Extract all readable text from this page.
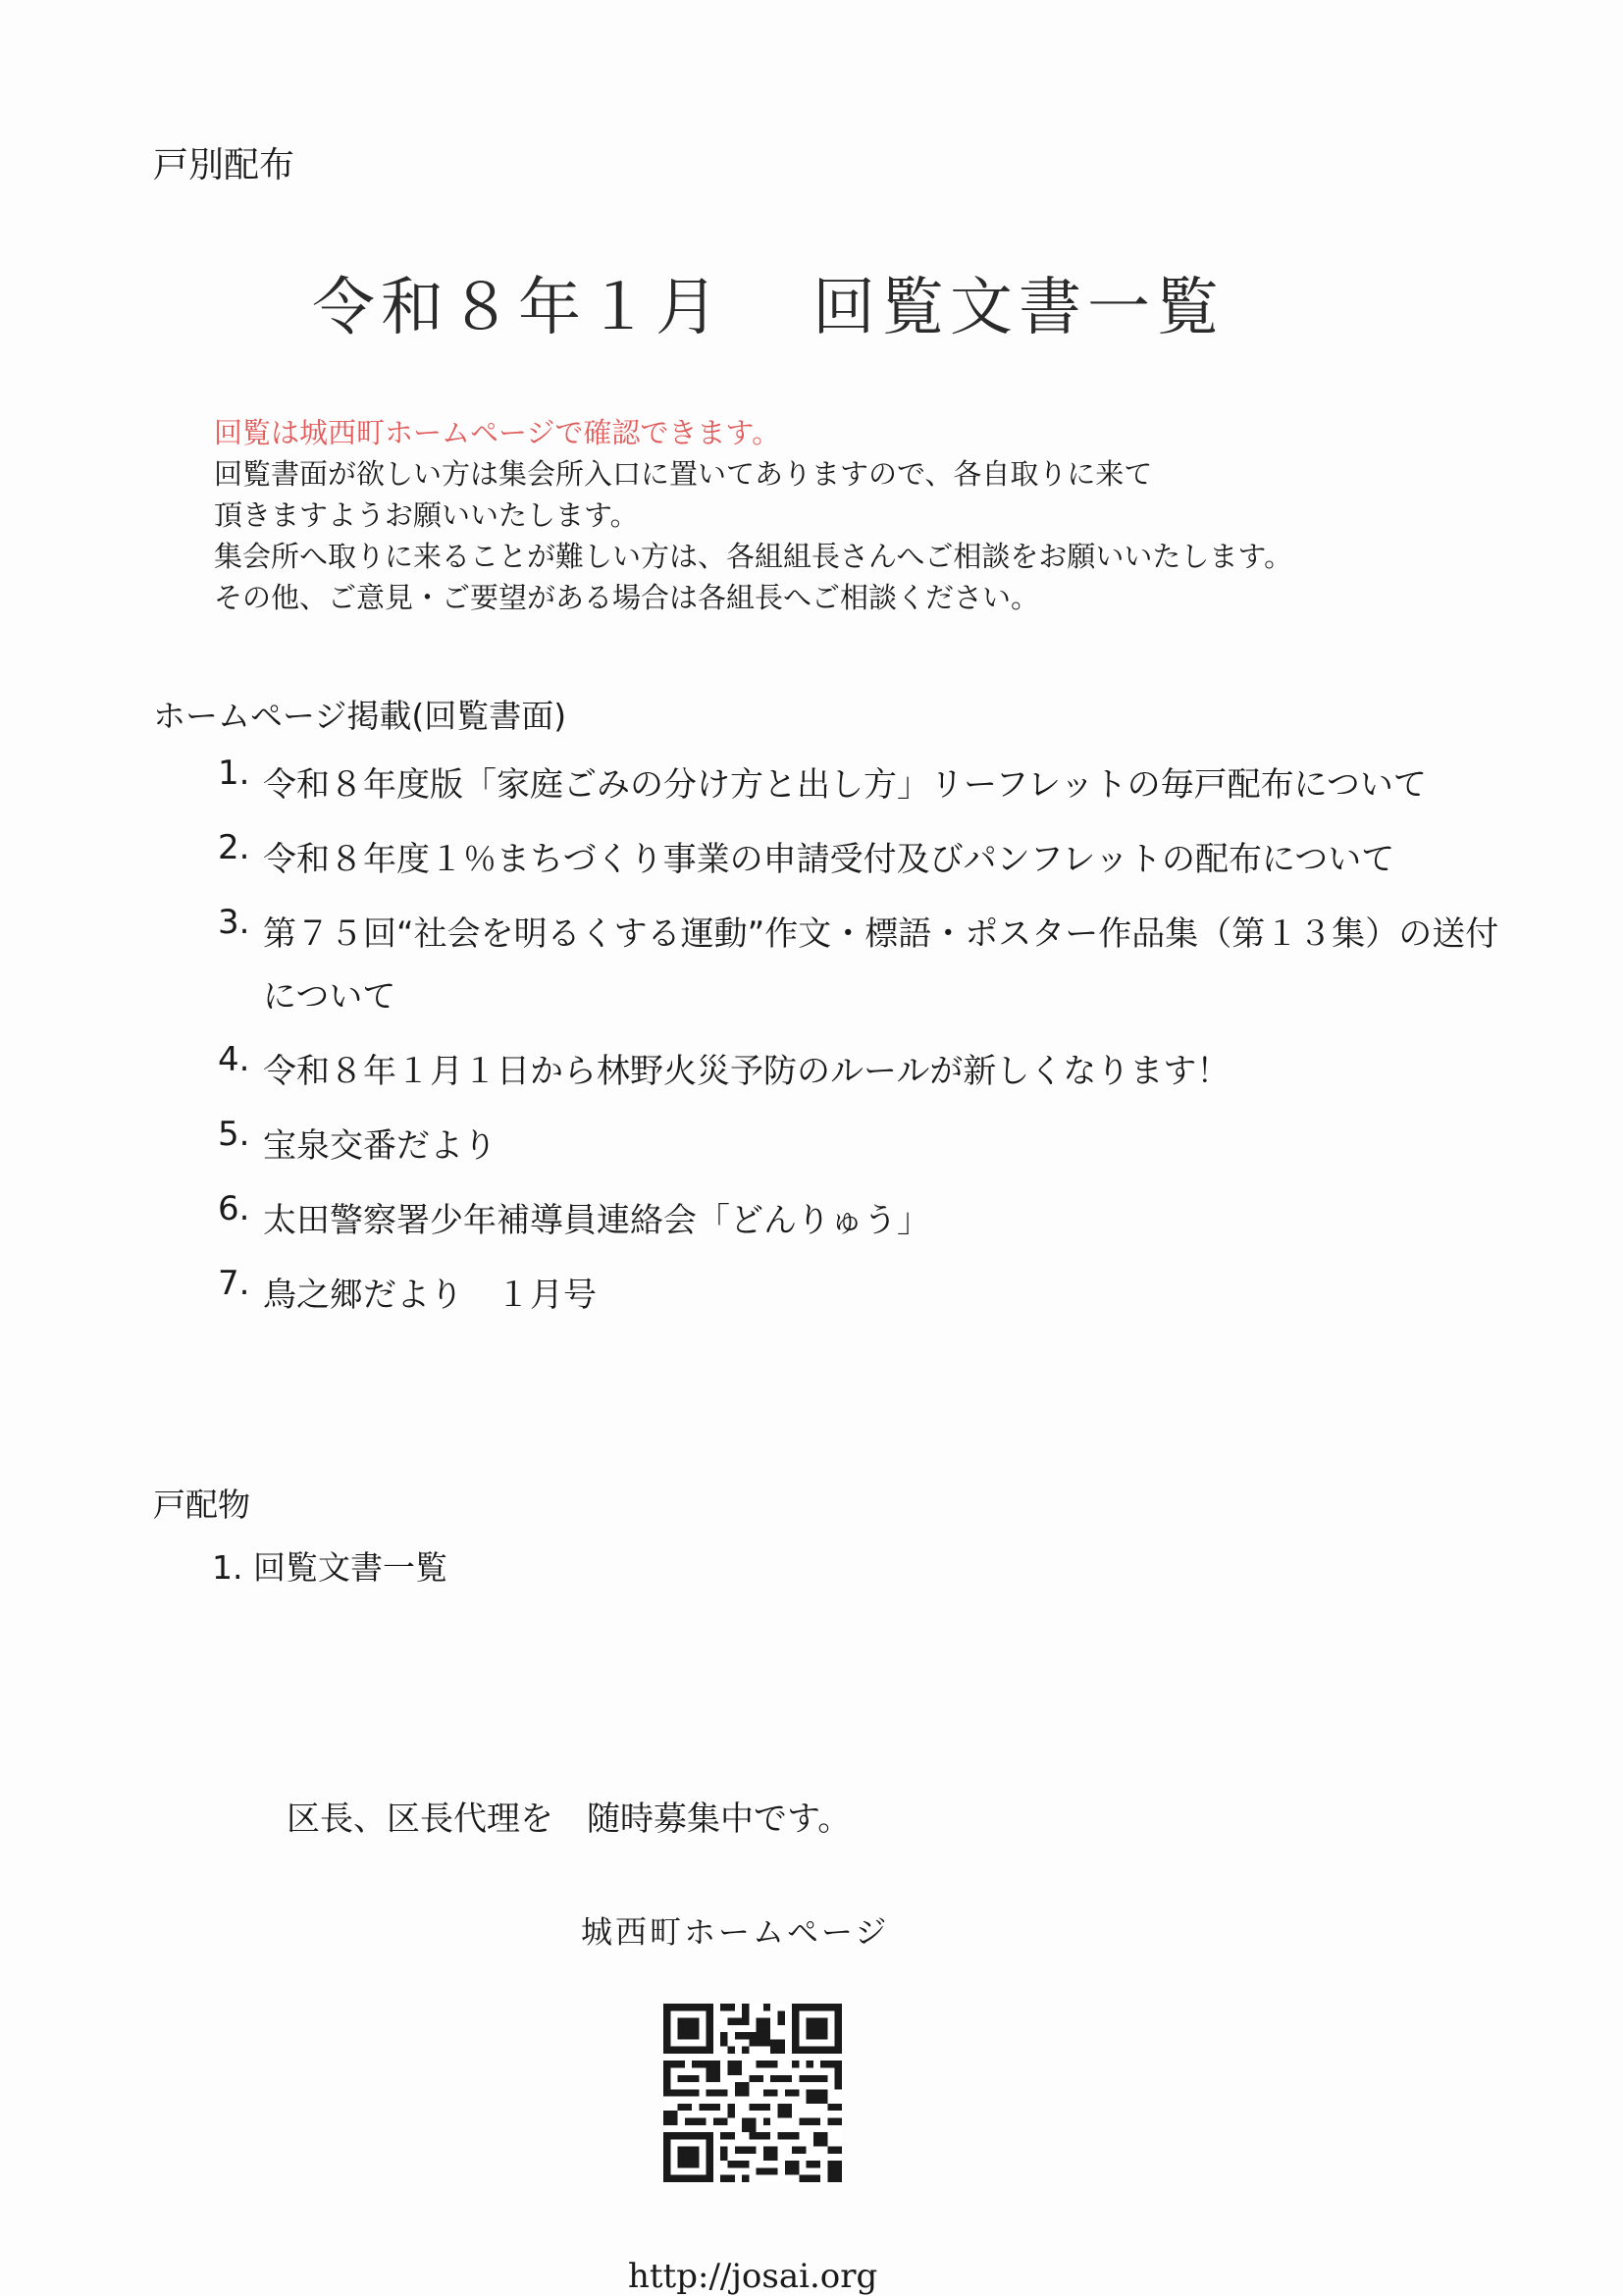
戸別配布
令和８年１月 回覧文書一覧
回覧は城西町ホームページで確認できます。
回覧書面が欲しい方は集会所入口に置いてありますので、各自取りに来て
頂きますようお願いいたします。
集会所へ取りに来ることが難しい方は、各組組長さんへご相談をお願いいたします。
その他、ご意見・ご要望がある場合は各組長へご相談ください。
ホームページ掲載(回覧書面)
1. 令和８年度版「家庭ごみの分け方と出し方」リーフレットの毎戸配布について
2. 令和８年度１％まちづくり事業の申請受付及びパンフレットの配布について
3. 第７５回“社会を明るくする運動”作文・標語・ポスター作品集（第１３集）の送付について
4. 令和８年１月１日から林野火災予防のルールが新しくなります！
5. 宝泉交番だより
6. 太田警察署少年補導員連絡会「どんりゅう」
7. 鳥之郷だより　１月号
戸配物
1. 回覧文書一覧
区長、区長代理を　随時募集中です。
城西町ホームページ
http://josai.org
